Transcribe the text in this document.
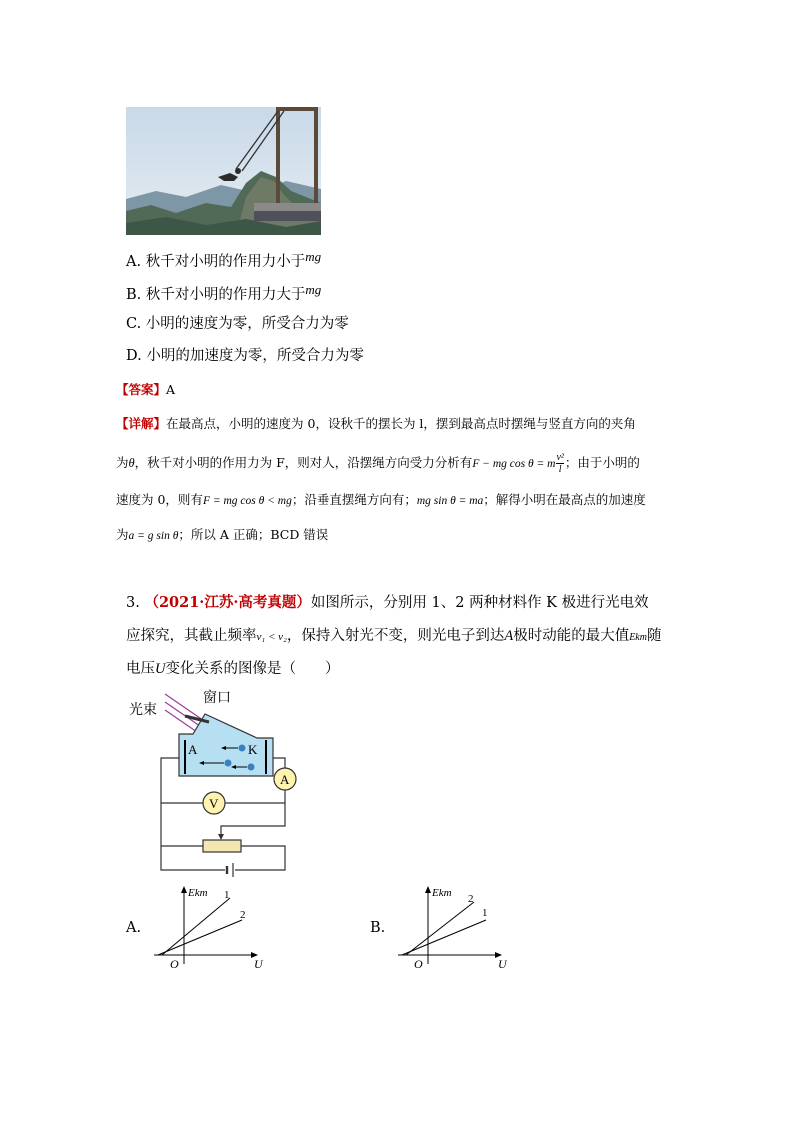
A. 秋千对小明的作用力小于mg
B. 秋千对小明的作用力大于mg
C. 小明的速度为零，所受合力为零
D. 小明的加速度为零，所受合力为零
【答案】A
【详解】在最高点，小明的速度为 0，设秋千的摆长为 l，摆到最高点时摆绳与竖直方向的夹角
为θ，秋千对小明的作用力为 F，则对人，沿摆绳方向受力分析有F − mg cos θ = m $\frac{\text{v²}}{l}$ ；由于小明的
速度为 0，则有F = mg cos θ < mg；沿垂直摆绳方向有；mg sin θ = ma；解得小明在最高点的加速度
为a = g sin θ；所以 A 正确；BCD 错误
3. （2021·江苏·高考真题）如图所示，分别用 1、2 两种材料作 K 极进行光电效
应探究，其截止频率ν₁ < ν₂，保持入射光不变，则光电子到达A极时动能的最大值Ekm随
电压U变化关系的图像是（　　）
光束
窗口
A	K
A
V
A.
Ekm
U
O
1
2
B.
Ekm
U
O
2
1
